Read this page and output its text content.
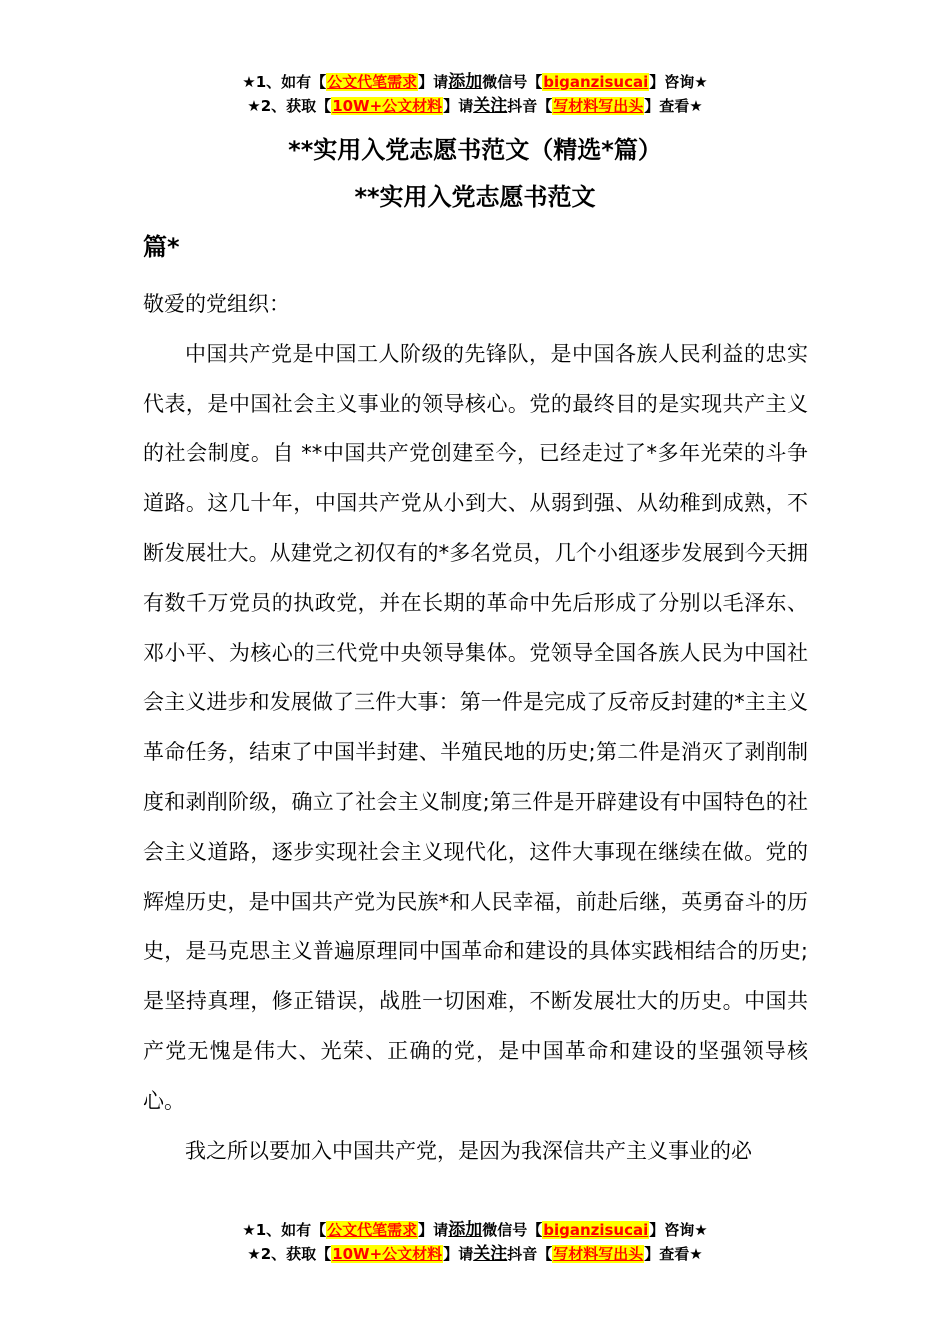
★1、如有【公文代笔需求】请添加微信号【biganzisucai】咨询★
★2、获取【10W+公文材料】请关注抖音【写材料写出头】查看★
**实用入党志愿书范文（精选*篇）
**实用入党志愿书范文
篇*

敬爱的党组织：

中国共产党是中国工人阶级的先锋队，是中国各族人民利益的忠实代表，是中国社会主义事业的领导核心。党的最终目的是实现共产主义的社会制度。自 **中国共产党创建至今，已经走过了*多年光荣的斗争道路。这几十年，中国共产党从小到大、从弱到强、从幼稚到成熟，不断发展壮大。从建党之初仅有的*多名党员，几个小组逐步发展到今天拥有数千万党员的执政党，并在长期的革命中先后形成了分别以毛泽东、邓小平、为核心的三代党中央领导集体。党领导全国各族人民为中国社会主义进步和发展做了三件大事：第一件是完成了反帝反封建的*主主义革命任务，结束了中国半封建、半殖民地的历史;第二件是消灭了剥削制度和剥削阶级，确立了社会主义制度;第三件是开辟建设有中国特色的社会主义道路，逐步实现社会主义现代化，这件大事现在继续在做。党的辉煌历史，是中国共产党为民族*和人民幸福，前赴后继，英勇奋斗的历史，是马克思主义普遍原理同中国革命和建设的具体实践相结合的历史;是坚持真理，修正错误，战胜一切困难，不断发展壮大的历史。中国共产党无愧是伟大、光荣、正确的党，是中国革命和建设的坚强领导核心。

我之所以要加入中国共产党，是因为我深信共产主义事业的必

★1、如有【公文代笔需求】请添加微信号【biganzisucai】咨询★
★2、获取【10W+公文材料】请关注抖音【写材料写出头】查看★
